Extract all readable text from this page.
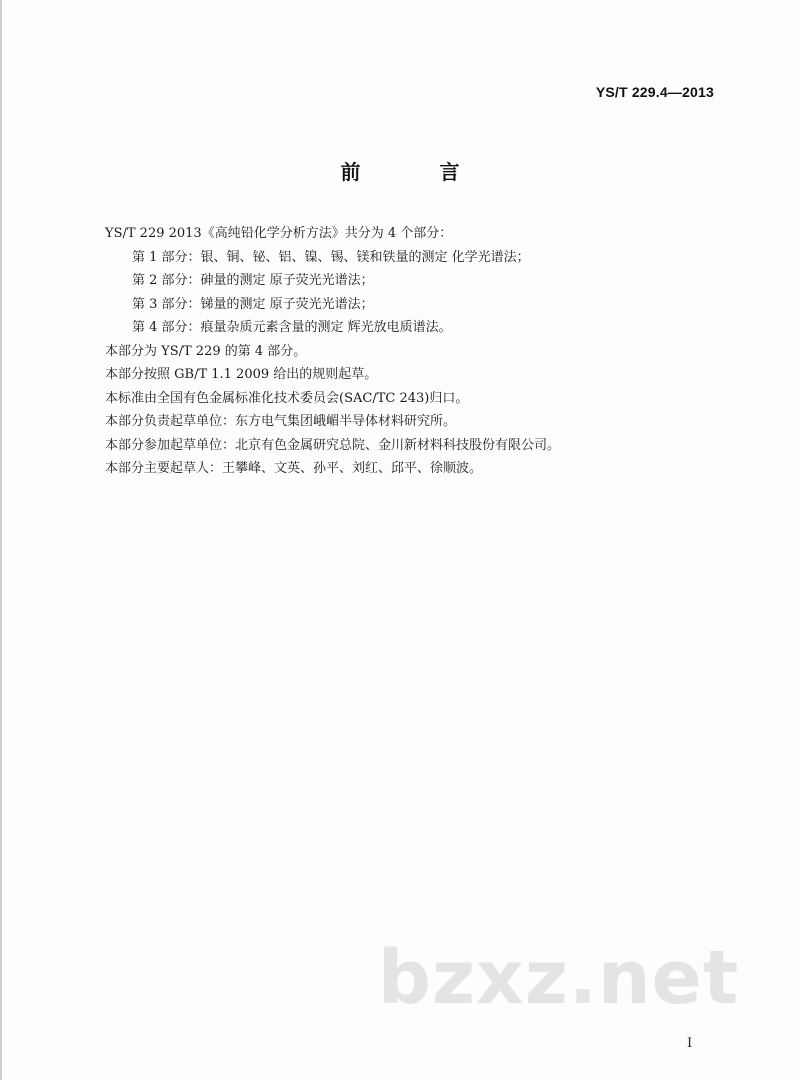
YS/T 229.4—2013
前 言
YS/T 229 2013《高纯铅化学分析方法》共分为 4 个部分：
第 1 部分：银、铜、铋、铝、镍、锡、镁和铁量的测定 化学光谱法；
第 2 部分：砷量的测定 原子荧光光谱法；
第 3 部分：锑量的测定 原子荧光光谱法；
第 4 部分：痕量杂质元素含量的测定 辉光放电质谱法。
本部分为 YS/T 229 的第 4 部分。
本部分按照 GB/T 1.1 2009 给出的规则起草。
本标准由全国有色金属标准化技术委员会(SAC/TC 243)归口。
本部分负责起草单位：东方电气集团峨嵋半导体材料研究所。
本部分参加起草单位：北京有色金属研究总院、金川新材料科技股份有限公司。
本部分主要起草人：王攀峰、文英、孙平、刘红、邱平、徐顺波。
bzxz.net
I
